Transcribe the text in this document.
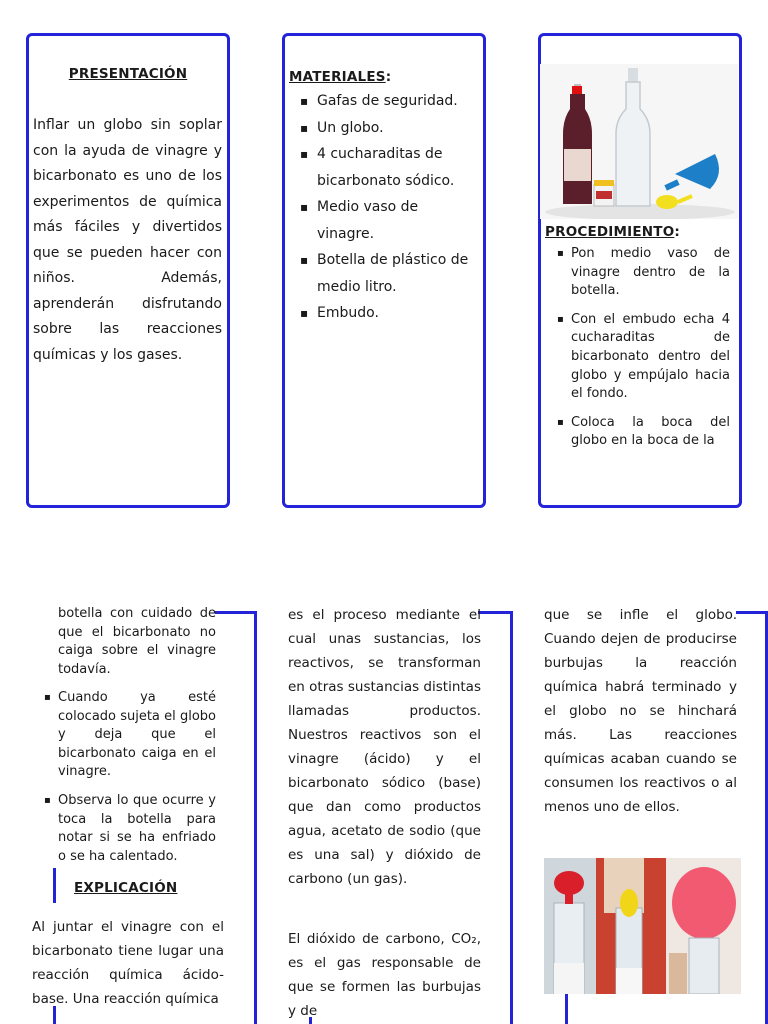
PRESENTACIÓN
Inflar un globo sin soplar con la ayuda de vinagre y bicarbonato es uno de los experimentos de química más fáciles y divertidos que se pueden hacer con niños. Además, aprenderán disfrutando sobre las reacciones químicas y los gases.
MATERIALES:
▪ Gafas de seguridad.
▪ Un globo.
▪ 4 cucharaditas de bicarbonato sódico.
▪ Medio vaso de vinagre.
▪ Botella de plástico de medio litro.
▪ Embudo.
PROCEDIMIENTO:
▪ Pon medio vaso de vinagre dentro de la botella.
▪ Con el embudo echa 4 cucharaditas de bicarbonato dentro del globo y empújalo hacia el fondo.
▪ Coloca la boca del globo en la boca de la
botella con cuidado de que el bicarbonato no caiga sobre el vinagre todavía.
▪ Cuando ya esté colocado sujeta el globo y deja que el bicarbonato caiga en el vinagre.
▪ Observa lo que ocurre y toca la botella para notar si se ha enfriado o se ha calentado.
EXPLICACIÓN
Al juntar el vinagre con el bicarbonato tiene lugar una reacción química ácido-base. Una reacción química
es el proceso mediante el cual unas sustancias, los reactivos, se transforman en otras sustancias distintas llamadas productos. Nuestros reactivos son el vinagre (ácido) y el bicarbonato sódico (base) que dan como productos agua, acetato de sodio (que es una sal) y dióxido de carbono (un gas).
El dióxido de carbono, CO₂, es el gas responsable de que se formen las burbujas y de
que se infle el globo. Cuando dejen de producirse burbujas la reacción química habrá terminado y el globo no se hinchará más. Las reacciones químicas acaban cuando se consumen los reactivos o al menos uno de ellos.
